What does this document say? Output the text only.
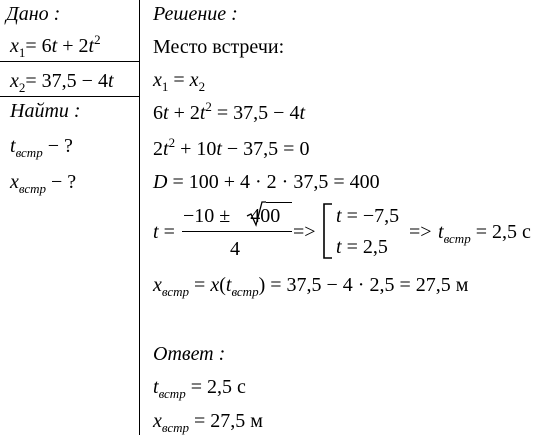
Дано :
$x_1= 6t + 2t^2$
$x_2= 37,5 - 4t$
Найти :
$t_{встр}$ − ?
$x_{встр}$ − ?
Решение :
Место встречи:
$x_1 = x_2$
$6t + 2t^2 = 37,5 - 4t$
$2t^2 + 10t - 37,5 = 0$
D = 100 + 4 · 2 · 37,5 = 400
t =
−10 ± 400
4
=>
t = −7,5
t = 2,5
=> $t_{встр} = 2,5$ с
$x_{встр} = x(t_{встр}) = 37,5 - 4 \cdot 2,5 = 27,5$ м
Ответ :
$t_{встр} = 2,5$ с
$x_{встр} = 27,5$ м
